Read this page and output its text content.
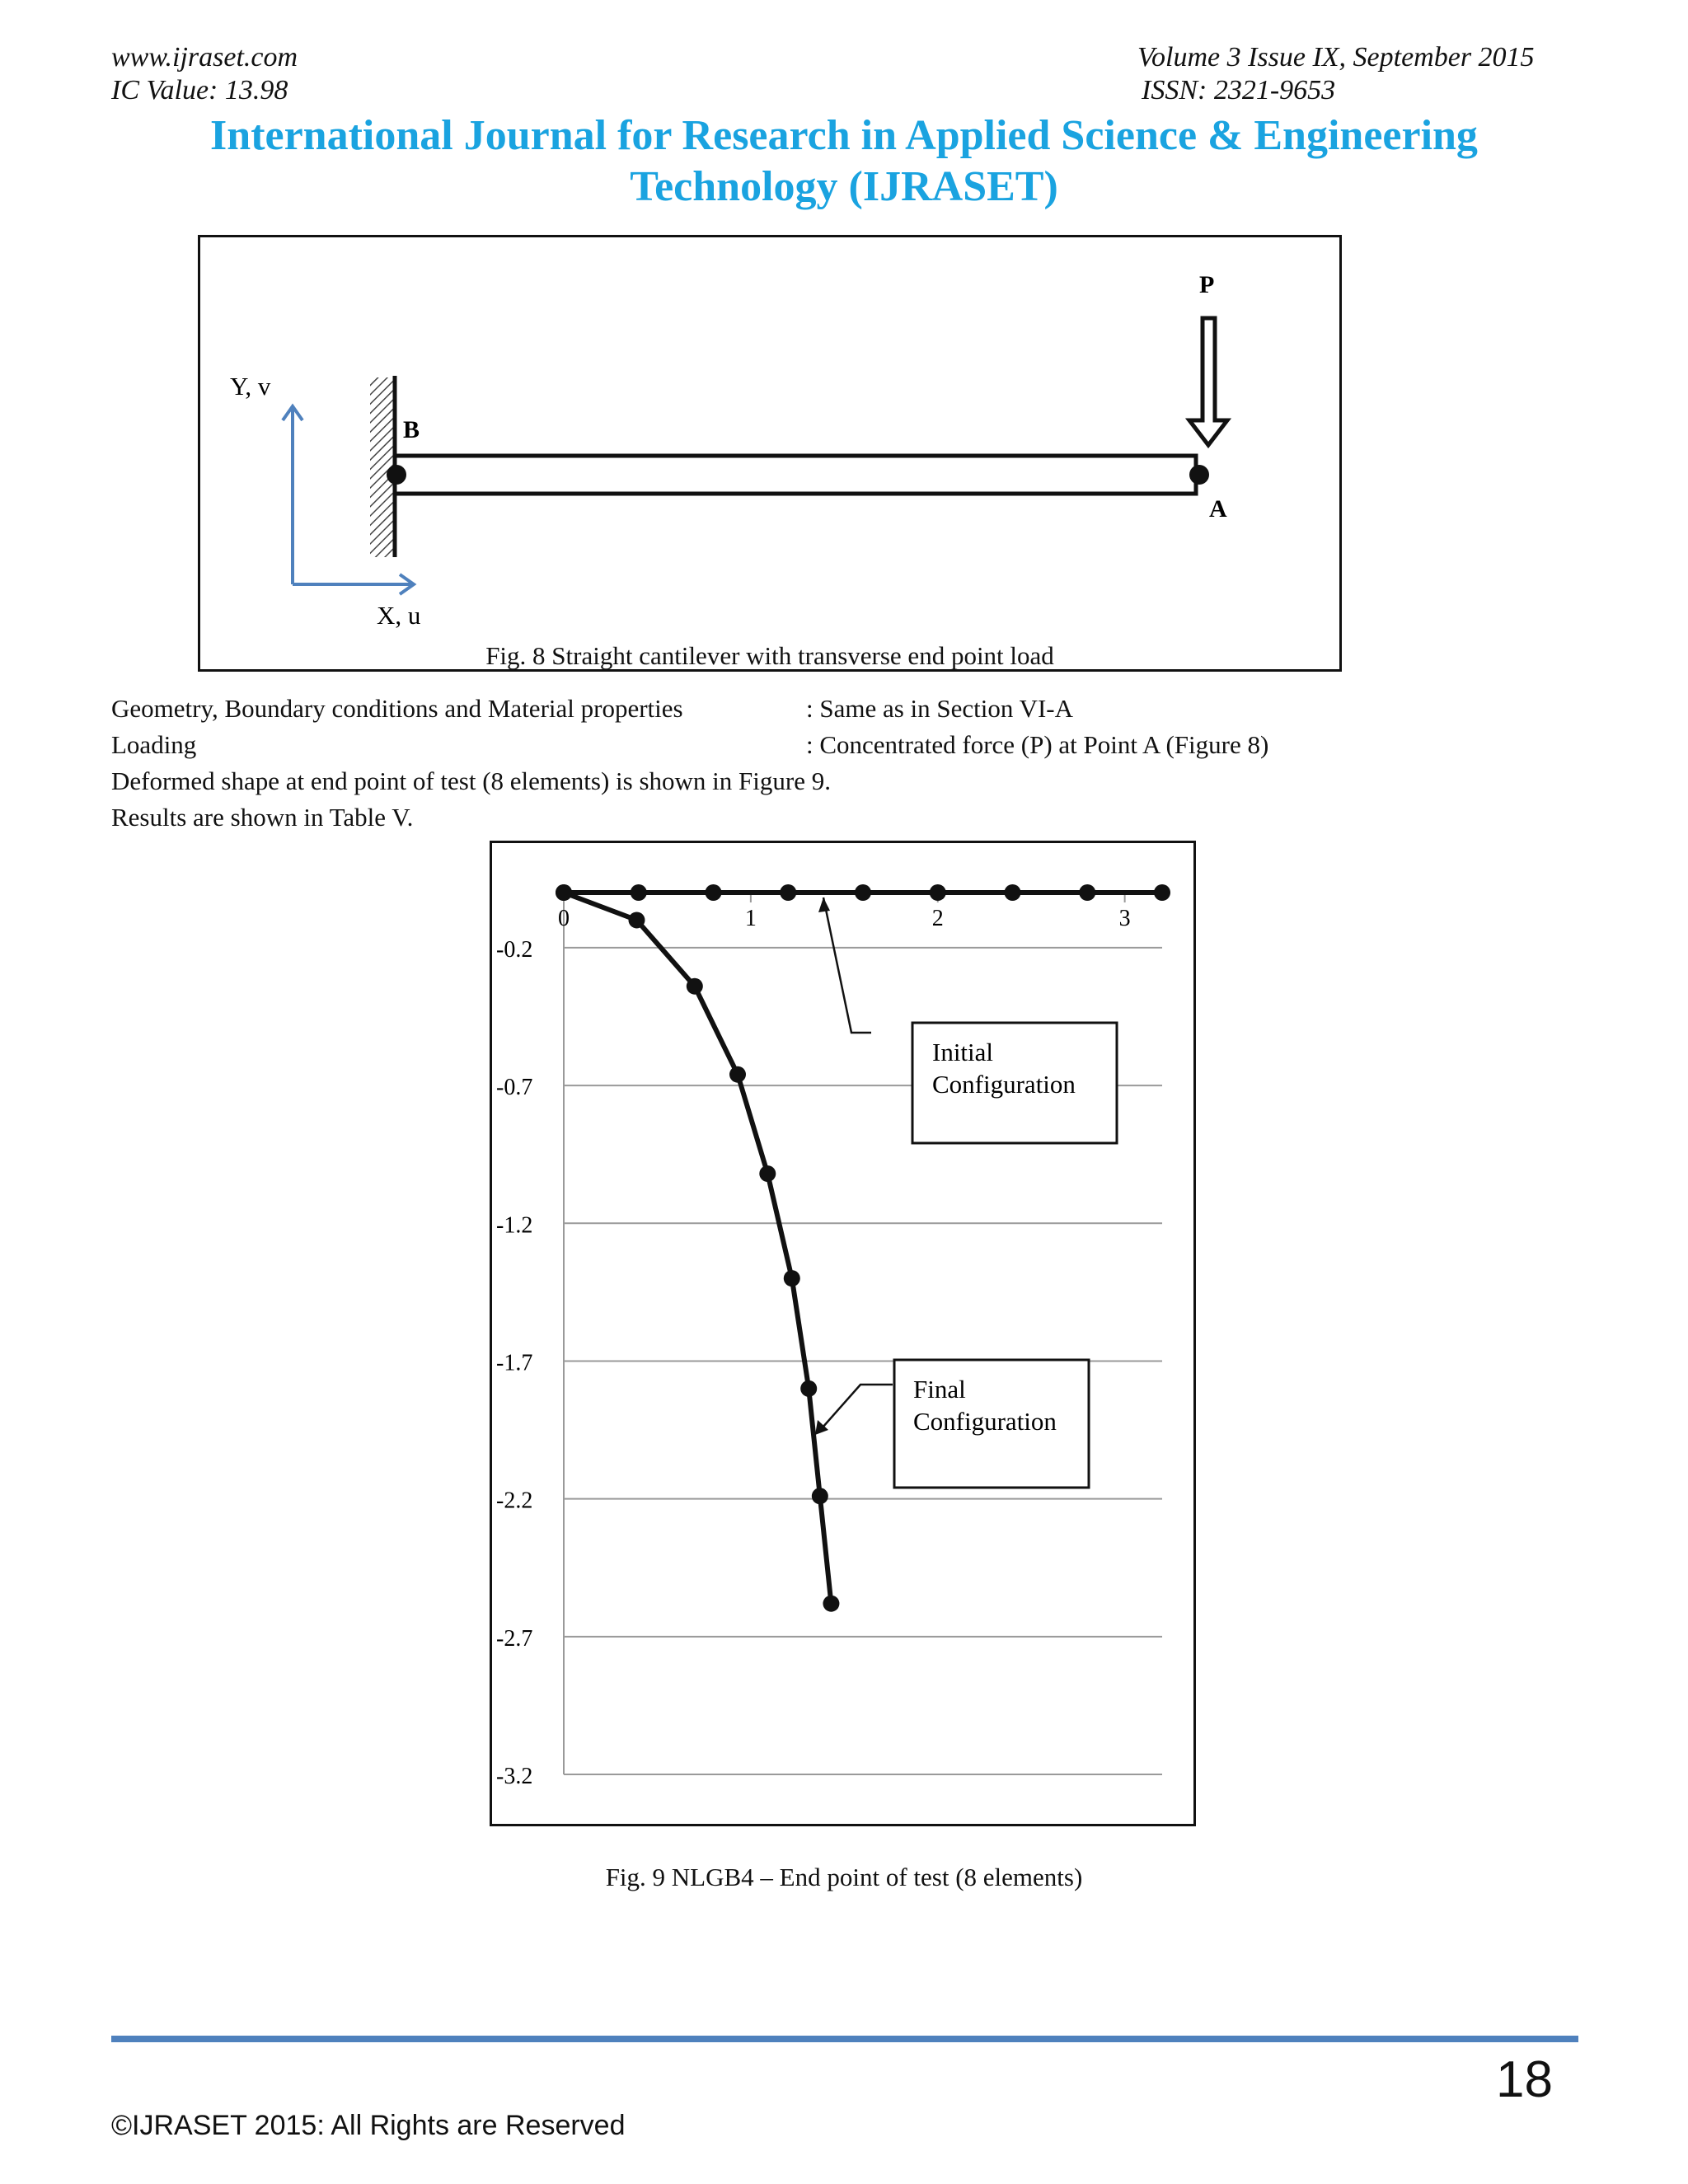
www.ijraset.com
IC Value: 13.98
Volume 3 Issue IX, September 2015
ISSN: 2321-9653
International Journal for Research in Applied Science & Engineering
Technology (IJRASET)
P
B
A
Y, v
X, u
Fig. 8 Straight cantilever with transverse end point load
Geometry, Boundary conditions and Material properties	: Same as in Section VI-A
Loading	: Concentrated force (P) at Point A (Figure 8)
Deformed shape at end point of test (8 elements) is shown in Figure 9.
Results are shown in Table V.
-0.2
-0.7
-1.2
-1.7
-2.2
-2.7
-3.2
0	1	2	3
Initial
Configuration
Final
Configuration
Fig. 9 NLGB4 – End point of test (8 elements)
18
©IJRASET 2015: All Rights are Reserved
